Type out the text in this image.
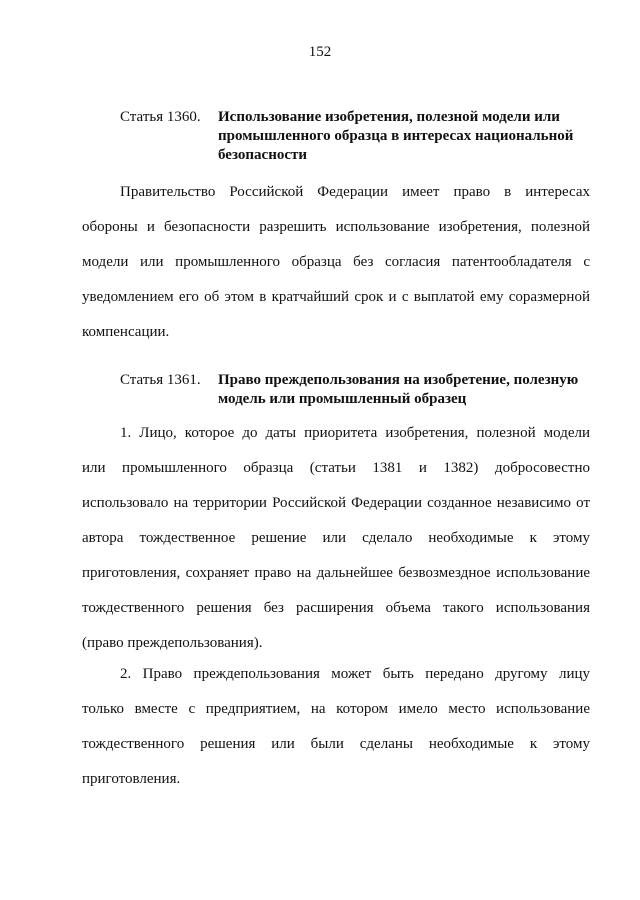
152
Статья 1360.	Использование изобретения, полезной модели или
промышленного образца в интересах национальной
безопасности
Правительство Российской Федерации имеет право в интересах
обороны и безопасности разрешить использование изобретения, полезной
модели или промышленного образца без согласия патентообладателя с
уведомлением его об этом в кратчайший срок и с выплатой ему соразмерной
компенсации.
Статья 1361.	Право преждепользования на изобретение, полезную
модель или промышленный образец
1. Лицо, которое до даты приоритета изобретения, полезной модели
или промышленного образца (статьи 1381 и 1382) добросовестно
использовало на территории Российской Федерации созданное независимо от
автора тождественное решение или сделало необходимые к этому
приготовления, сохраняет право на дальнейшее безвозмездное использование
тождественного решения без расширения объема такого использования
(право преждепользования).
2. Право преждепользования может быть передано другому лицу
только вместе с предприятием, на котором имело место использование
тождественного решения или были сделаны необходимые к этому
приготовления.
